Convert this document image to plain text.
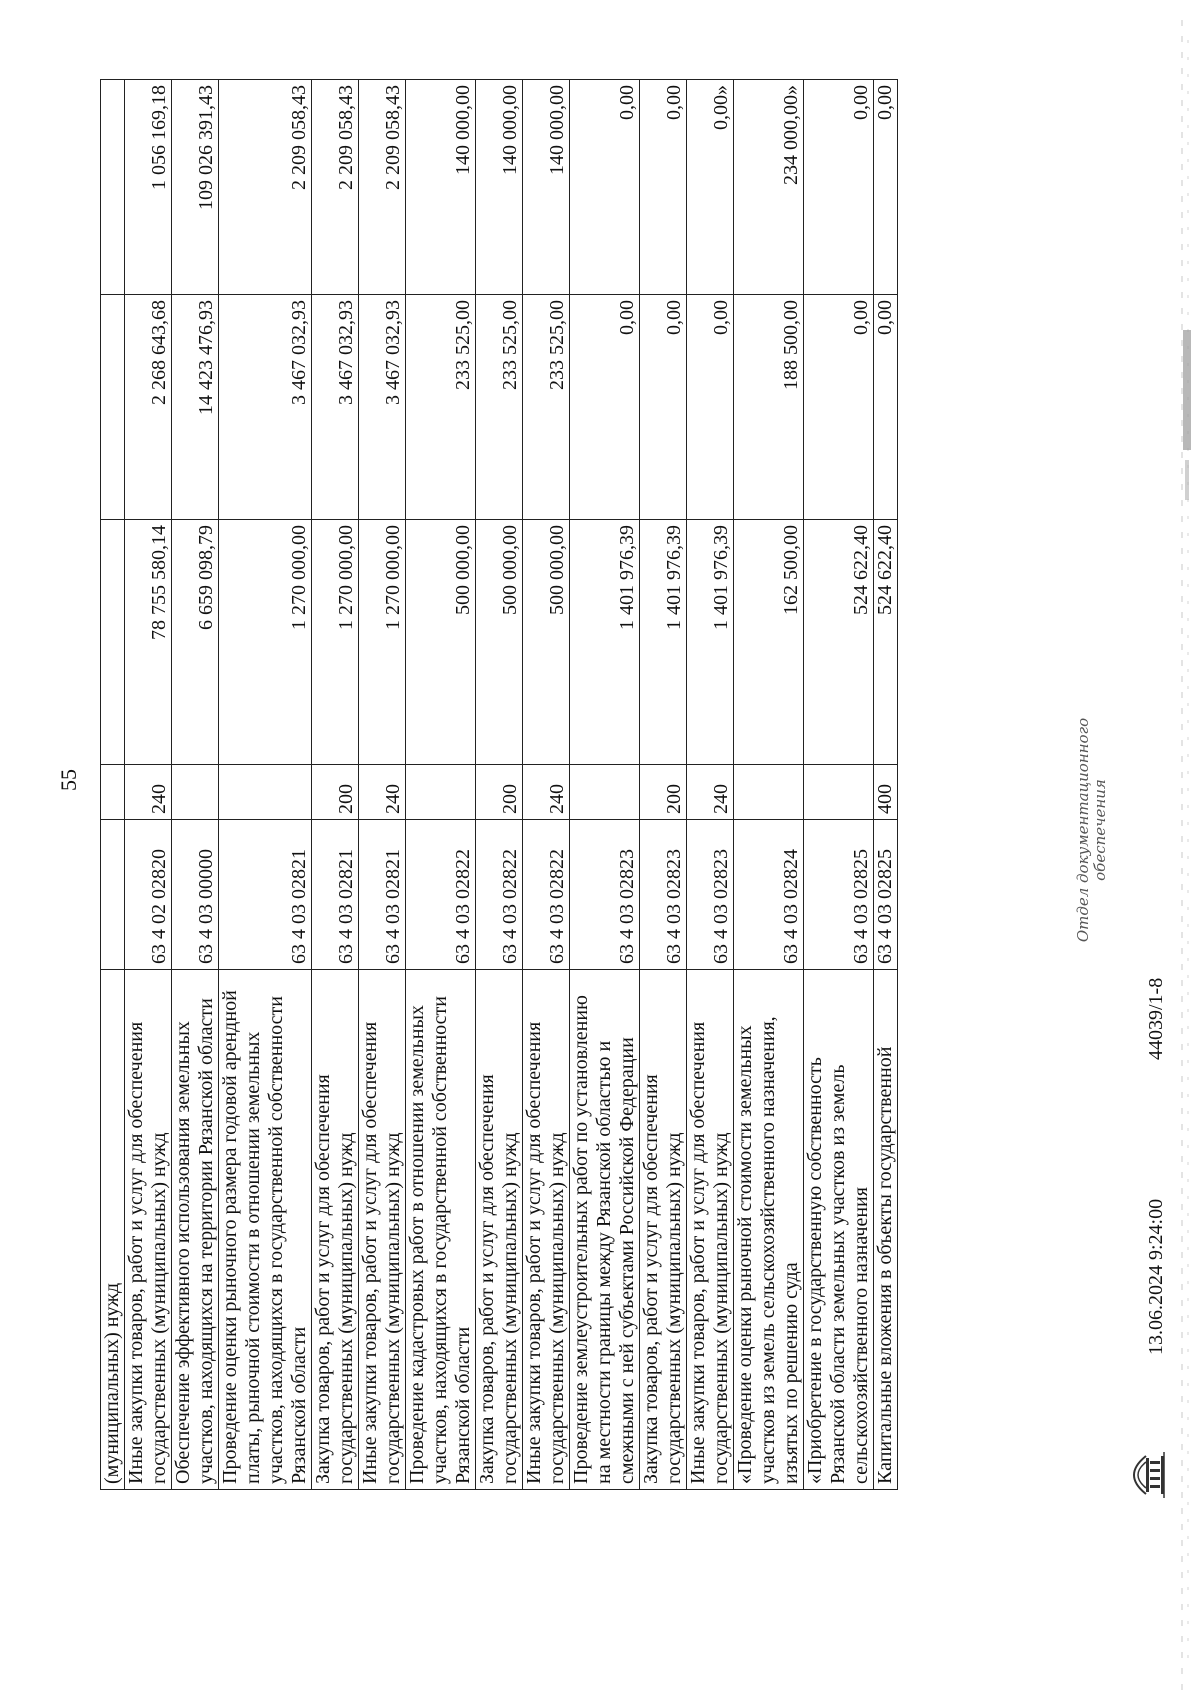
55
(муниципальных) нужд					
Иные закупки товаров, работ и услуг для обеспечения государственных (муниципальных) нужд	63 4 02 02820	240	78 755 580,14	2 268 643,68	1 056 169,18
Обеспечение эффективного использования земельных участков, находящихся на территории Рязанской области	63 4 03 00000		6 659 098,79	14 423 476,93	109 026 391,43
Проведение оценки рыночного размера годовой арендной платы, рыночной стоимости в отношении земельных участков, находящихся в государственной собственности Рязанской области	63 4 03 02821		1 270 000,00	3 467 032,93	2 209 058,43
Закупка товаров, работ и услуг для обеспечения государственных (муниципальных) нужд	63 4 03 02821	200	1 270 000,00	3 467 032,93	2 209 058,43
Иные закупки товаров, работ и услуг для обеспечения государственных (муниципальных) нужд	63 4 03 02821	240	1 270 000,00	3 467 032,93	2 209 058,43
Проведение кадастровых работ в отношении земельных участков, находящихся в государственной собственности Рязанской области	63 4 03 02822		500 000,00	233 525,00	140 000,00
Закупка товаров, работ и услуг для обеспечения государственных (муниципальных) нужд	63 4 03 02822	200	500 000,00	233 525,00	140 000,00
Иные закупки товаров, работ и услуг для обеспечения государственных (муниципальных) нужд	63 4 03 02822	240	500 000,00	233 525,00	140 000,00
Проведение землеустроительных работ по установлению на местности границы между Рязанской областью и смежными с ней субъектами Российской Федерации	63 4 03 02823		1 401 976,39	0,00	0,00
Закупка товаров, работ и услуг для обеспечения государственных (муниципальных) нужд	63 4 03 02823	200	1 401 976,39	0,00	0,00
Иные закупки товаров, работ и услуг для обеспечения государственных (муниципальных) нужд	63 4 03 02823	240	1 401 976,39	0,00	0,00»
«Проведение оценки рыночной стоимости земельных участков из земель сельскохозяйственного назначения, изъятых по решению суда	63 4 03 02824		162 500,00	188 500,00	234 000,00»
«Приобретение в государственную собственность Рязанской области земельных участков из земель сельскохозяйственного назначения	63 4 03 02825		524 622,40	0,00	0,00
Капитальные вложения в объекты государственной	63 4 03 02825	400	524 622,40	0,00	0,00
Отдел документационного обеспечения
13.06.2024 9:24:00
44039/1-8
